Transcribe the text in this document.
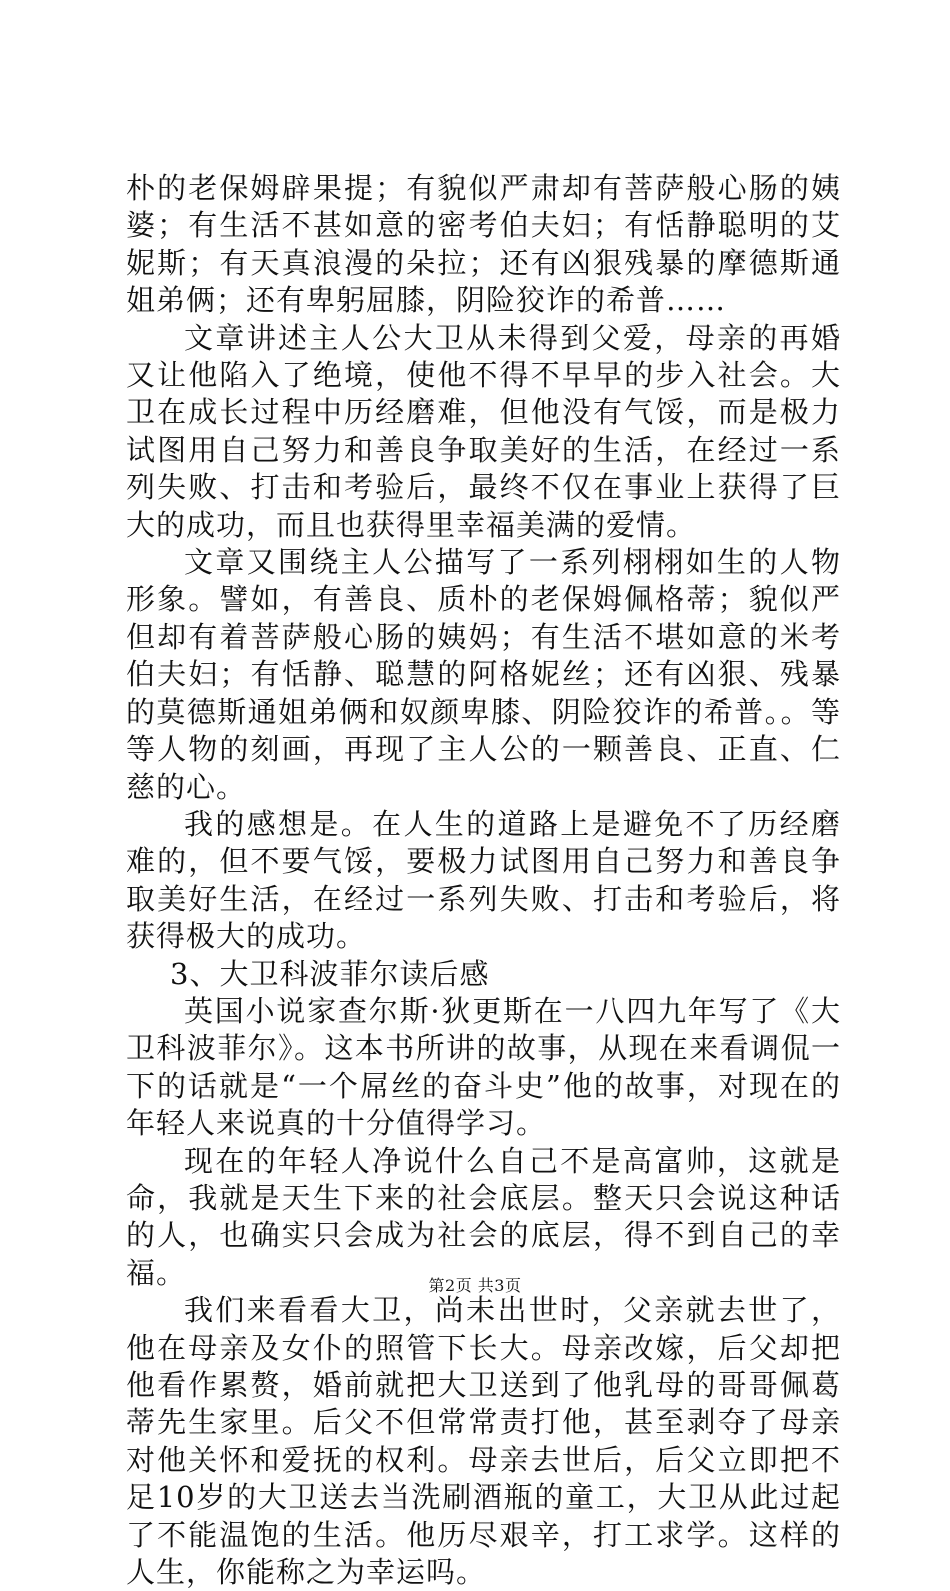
朴的老保姆辟果提；有貌似严肃却有菩萨般心肠的姨婆；有生活不甚如意的密考伯夫妇；有恬静聪明的艾妮斯；有天真浪漫的朵拉；还有凶狠残暴的摩德斯通姐弟俩；还有卑躬屈膝，阴险狡诈的希普……

文章讲述主人公大卫从未得到父爱，母亲的再婚又让他陷入了绝境，使他不得不早早的步入社会。大卫在成长过程中历经磨难，但他没有气馁，而是极力试图用自己努力和善良争取美好的生活，在经过一系列失败、打击和考验后，最终不仅在事业上获得了巨大的成功，而且也获得里幸福美满的爱情。

文章又围绕主人公描写了一系列栩栩如生的人物形象。譬如，有善良、质朴的老保姆佩格蒂；貌似严但却有着菩萨般心肠的姨妈；有生活不堪如意的米考伯夫妇；有恬静、聪慧的阿格妮丝；还有凶狠、残暴的莫德斯通姐弟俩和奴颜卑膝、阴险狡诈的希普。。等等人物的刻画，再现了主人公的一颗善良、正直、仁慈的心。

我的感想是。在人生的道路上是避免不了历经磨难的，但不要气馁，要极力试图用自己努力和善良争取美好生活，在经过一系列失败、打击和考验后，将获得极大的成功。

3、大卫科波菲尔读后感

英国小说家查尔斯·狄更斯在一八四九年写了《大卫科波菲尔》。这本书所讲的故事，从现在来看调侃一下的话就是“一个屌丝的奋斗史”他的故事，对现在的年轻人来说真的十分值得学习。

现在的年轻人净说什么自己不是高富帅，这就是命，我就是天生下来的社会底层。整天只会说这种话的人，也确实只会成为社会的底层，得不到自己的幸福。

我们来看看大卫，尚未出世时，父亲就去世了，他在母亲及女仆的照管下长大。母亲改嫁，后父却把他看作累赘，婚前就把大卫送到了他乳母的哥哥佩葛蒂先生家里。后父不但常常责打他，甚至剥夺了母亲对他关怀和爱抚的权利。母亲去世后，后父立即把不足10岁的大卫送去当洗刷酒瓶的童工，大卫从此过起了不能温饱的生活。他历尽艰辛，打工求学。这样的人生，你能称之为幸运吗。

第2页 共3页
